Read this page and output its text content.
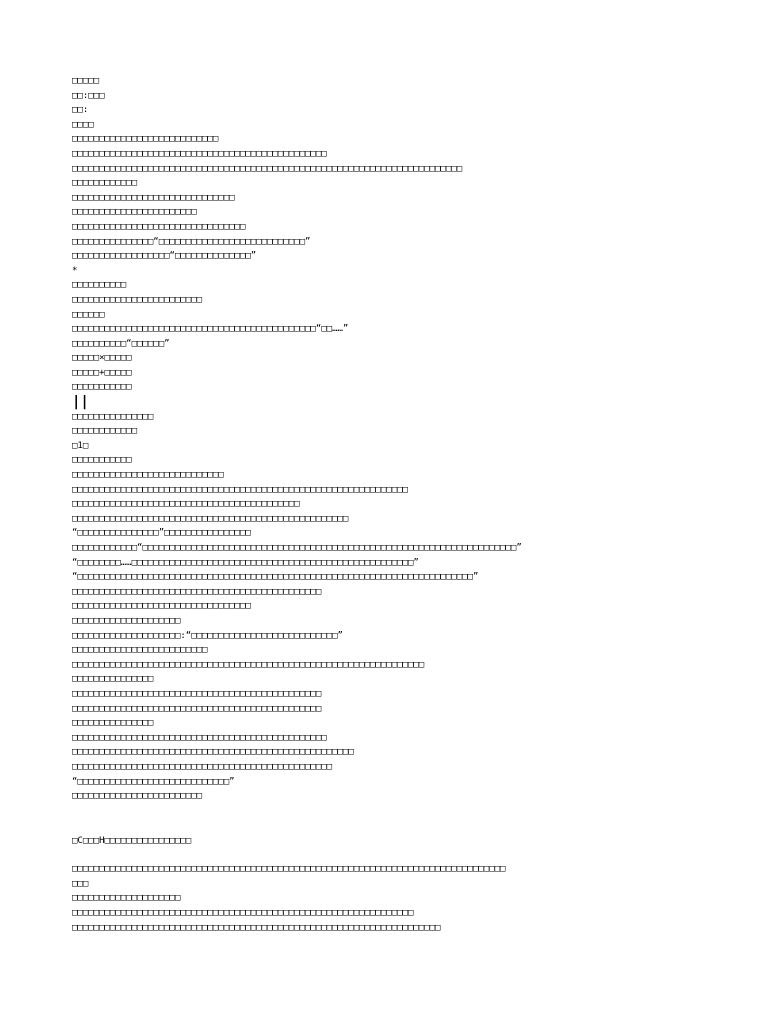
□□□□□
□□:□□□
□□:
□□□□
□□□□□□□□□□□□□□□□□□□□□□□□□□□
□□□□□□□□□□□□□□□□□□□□□□□□□□□□□□□□□□□□□□□□□□□□□□□
□□□□□□□□□□□□□□□□□□□□□□□□□□□□□□□□□□□□□□□□□□□□□□□□□□□□□□□□□□□□□□□□□□□□□□□□
□□□□□□□□□□□□
□□□□□□□□□□□□□□□□□□□□□□□□□□□□□□
□□□□□□□□□□□□□□□□□□□□□□□
□□□□□□□□□□□□□□□□□□□□□□□□□□□□□□□□
□□□□□□□□□□□□□□□“□□□□□□□□□□□□□□□□□□□□□□□□□□□”
□□□□□□□□□□□□□□□□□□“□□□□□□□□□□□□□□”
*
□□□□□□□□□□
□□□□□□□□□□□□□□□□□□□□□□□□
□□□□□□
□□□□□□□□□□□□□□□□□□□□□□□□□□□□□□□□□□□□□□□□□□□□□“□□……”
□□□□□□□□□□“□□□□□□”
□□□□□×□□□□□
□□□□□+□□□□□
□□□□□□□□□□□
||
□□□□□□□□□□□□□□□
□□□□□□□□□□□□
□1□
□□□□□□□□□□□
□□□□□□□□□□□□□□□□□□□□□□□□□□□□
□□□□□□□□□□□□□□□□□□□□□□□□□□□□□□□□□□□□□□□□□□□□□□□□□□□□□□□□□□□□□□
□□□□□□□□□□□□□□□□□□□□□□□□□□□□□□□□□□□□□□□□□□
□□□□□□□□□□□□□□□□□□□□□□□□□□□□□□□□□□□□□□□□□□□□□□□□□□□
“□□□□□□□□□□□□□□□”□□□□□□□□□□□□□□□□
□□□□□□□□□□□□“□□□□□□□□□□□□□□□□□□□□□□□□□□□□□□□□□□□□□□□□□□□□□□□□□□□□□□□□□□□□□□□□□□□□□”
“□□□□□□□□……□□□□□□□□□□□□□□□□□□□□□□□□□□□□□□□□□□□□□□□□□□□□□□□□□□□□”
“□□□□□□□□□□□□□□□□□□□□□□□□□□□□□□□□□□□□□□□□□□□□□□□□□□□□□□□□□□□□□□□□□□□□□□□□□”
□□□□□□□□□□□□□□□□□□□□□□□□□□□□□□□□□□□□□□□□□□□□□□
□□□□□□□□□□□□□□□□□□□□□□□□□□□□□□□□□
□□□□□□□□□□□□□□□□□□□□
□□□□□□□□□□□□□□□□□□□□:“□□□□□□□□□□□□□□□□□□□□□□□□□□□”
□□□□□□□□□□□□□□□□□□□□□□□□□
□□□□□□□□□□□□□□□□□□□□□□□□□□□□□□□□□□□□□□□□□□□□□□□□□□□□□□□□□□□□□□□□□
□□□□□□□□□□□□□□□
□□□□□□□□□□□□□□□□□□□□□□□□□□□□□□□□□□□□□□□□□□□□□□
□□□□□□□□□□□□□□□□□□□□□□□□□□□□□□□□□□□□□□□□□□□□□□
□□□□□□□□□□□□□□□
□□□□□□□□□□□□□□□□□□□□□□□□□□□□□□□□□□□□□□□□□□□□□□□
□□□□□□□□□□□□□□□□□□□□□□□□□□□□□□□□□□□□□□□□□□□□□□□□□□□□
□□□□□□□□□□□□□□□□□□□□□□□□□□□□□□□□□□□□□□□□□□□□□□□□
“□□□□□□□□□□□□□□□□□□□□□□□□□□□□”
□□□□□□□□□□□□□□□□□□□□□□□□
□C□□□H□□□□□□□□□□□□□□□□
□□□□□□□□□□□□□□□□□□□□□□□□□□□□□□□□□□□□□□□□□□□□□□□□□□□□□□□□□□□□□□□□□□□□□□□□□□□□□□□□
□□□
□□□□□□□□□□□□□□□□□□□□
□□□□□□□□□□□□□□□□□□□□□□□□□□□□□□□□□□□□□□□□□□□□□□□□□□□□□□□□□□□□□□□
□□□□□□□□□□□□□□□□□□□□□□□□□□□□□□□□□□□□□□□□□□□□□□□□□□□□□□□□□□□□□□□□□□□□
